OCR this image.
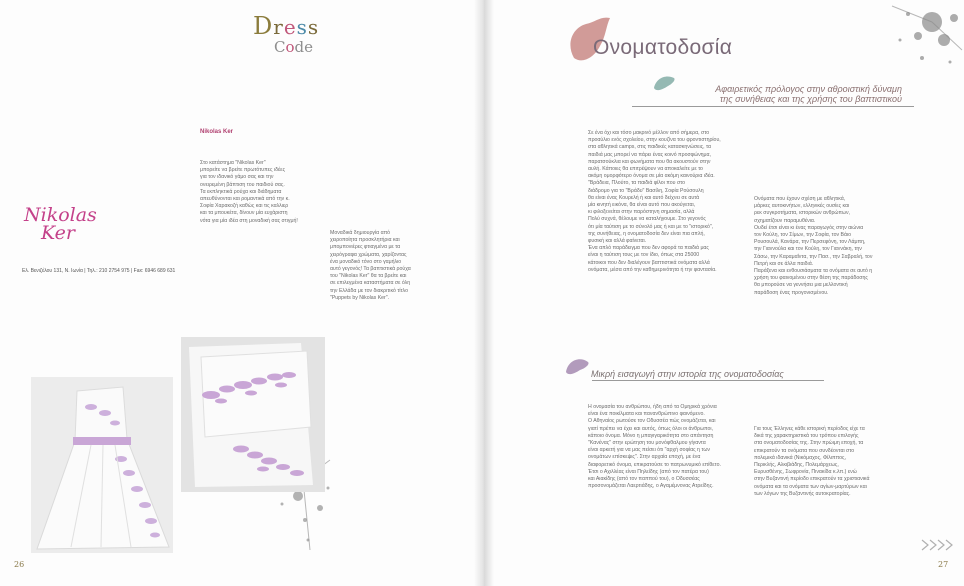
Dress
Code
Nikolas Ker
Στο κατάστημα "Nikolas Ker"
μπορείτε να βρείτε πρωτότυπες ιδέες
για τον ιδανικό γάμο σας και την
ονειρεμένη βάπτιση του παιδιού σας.
Τα εκπληκτικά ρούχα και διάδηματα
απευθύνονται και ρομαντικά από την κ.
Σοφία Χαρακοζή καθώς και τις καλλιερ
και τα μπουκέτα, δίνουν μία ευχάριστη
νότα για μία ιδέα στη μοναδική σας στιγμή!
Nikolas
Ker
Ελ. Βενιζέλου 131, Ν. Ιωνία | Τηλ.: 210 2754 975 | Fax: 6946 689 631
Μοναδικά δημιουργία από
χειροποίητα προσκλητήρια και
μπομπονιέρες φτιαγμένα με τα
χειρόγραφα χρώματα, χαρίζοντας
ένα μοναδικό τόνο στο γαμήλιο
αυτό γεγονός! Τα βαπτιστικά ρούχα
του "Nikolas Ker" θα τα βρείτε και
σε επιλεγμένα καταστήματα σε όλη
την Ελλάδα με τον διακριτικό τίτλο
"Puppets by Nikolas Ker".
26
Ονοματοδοσία
Αφαιρετικός πρόλογος στην αθροιστική δύναμη
της συνήθειας και της χρήσης του βαπτιστικού
Σε ένα όχι και τόσο μακρινό μέλλον από σήμερα, στο
προαύλιο ενός σχολείου, στην κουζίνα του φροντιστηρίου,
στα αθλητικά camps, στις παιδικές κατασκηνώσεις, τα
παιδιά μας μπορεί να πάρει ένας κοινό προσφώνημα,
παρατσούκλια και φωνήματα που θα ακουστούν στην
αυλή. Κάποιες θα επιτρέψουν να αποκαλείτε με το
ακόμη ομορφότερο όνομα σε μία ακόμη καινούρια ιδέα.
"Βράδεια, Πλούτο, τα παιδιά φίλοι που στο
διάδρομο για το "Βράδυ" Βασίλη, Σοφία Ρούσουλη
θα είναι ένας Κουρελή ή και αυτό δείχνει σε αυτά
μία κινητή εικόνα, θα είναι αυτό που ακούγεται,
κι φιλοξενείται στην παρόστηνη σημασία, αλλά
Πολύ συχνά, θέλουμε να καταλήγουμε. Στο γεγονός
ότι μία ταύτιση με το σύνολό μας ή και με το "ιστορικό",
της συνήθειας, η ονοματοδοσία δεν είναι πια απλή,
φυσική και αλλά φαίνεται.
Ένα απλό παράδειγμα που δεν αφορά τα παιδιά μας
είναι η ταύτιση τους με τον ίδιο, όπως στα 25000
κάτοικοι που δεν διαλέγουν βαπτιστικά ονόματα αλλά
ονόματα, μέσα από την καθημερινότητα ή την φαντασία.
Ονόματα που έχουν σχέση με αθλητικά,
μάρκες αυτοκινήτων, ελληνικές ουσίες και
ρεκ συγκροτήματα, ιστορικών ανθρώπων,
σχηματίζουν παραμυθένια.
Ουδεί έτσι είναι κι ένας παραγωγός στην αιώνια
τον Κούλη, τον Σίμων, την Σοφία, τον Βάιο
Ρουσουλά, Κανάρα, την Περσεφόνη, τον Λάμπη,
την Γιαννούλα και τον Κούλη, τον Γιαννάκη, την
Σάσω, την Καραμαΐντα, την Πασ., την Σαβραλή, τον
Πετρή και σε άλλα παιδιά.
Παράξενα και ενθουσιάσματα τα ονόματα σε αυτό η
χρήση του φαινομένου στην θέση της παράδοσης
θα μπορούσε να γεννήσει μια μελλοντική
παράδοση ένας προγονισμένου.
Μικρή εισαγωγή στην ιστορία της ονοματοδοσίας
Η ονομασία του ανθρώπου, ήδη από τα Ομηρικά χρόνια
είναι ένα ποικίλματα και πανανθρώπινο φαινόμενο.
Ο Αθηναίος ρωτούσε τον Οδυσσέα πώς ονομάζεται, και
γιατί πρέπει να έχει και αυτός, όπως όλοι οι άνθρωποι,
κάποιο όνομα. Μόνο η μπαγιγαρικότητα στο απάντηση
"Κανένας" στην ερώτηση του μονόφθαλμου γίγαντα
είναι αρκετή για να μας πείσει ότι "αρχή σοφίας η των
ονομάτων επίσκεψις". Στην αρχαία εποχή, με ένα
διαφορετικό όνομα, επικρατούσε το πατρωνυμικό επίθετο.
Έτσι ο Αχιλλέας είναι Πηλείδης (από τον πατέρα του)
και Αιακίδης (από τον παππού του), ο Οδυσσέας
προσονομάζεται Λαερτιάδης, ο Αγαμέμνονας Ατρείδης.
Για τους Έλληνες κάθε ιστορική περίοδος είχε τα
δικά της χαρακτηριστικά του τρόπου επιλογής
στα ονοματοδοσίας της. Στην πρώιμη εποχή, τα
επικρατούν τα ονόματα που συνδέονται στο
πολεμικά ιδανικά (Νικόμαχος, Φίλιππος,
Περικλής, Αλκιβιάδης, Πολεμάρχεως,
Ευρυσθένης, Σωφρονία, Πινακίδα κ.λπ.) ενώ
στην Βυζαντινή περίοδο επικρατούν τα χριστιανικά
ονόματα και τα ονόματα των αγίων-μαρτύρων και
των λόγων της Βυζαντινής αυτοκρατορίας.
27
